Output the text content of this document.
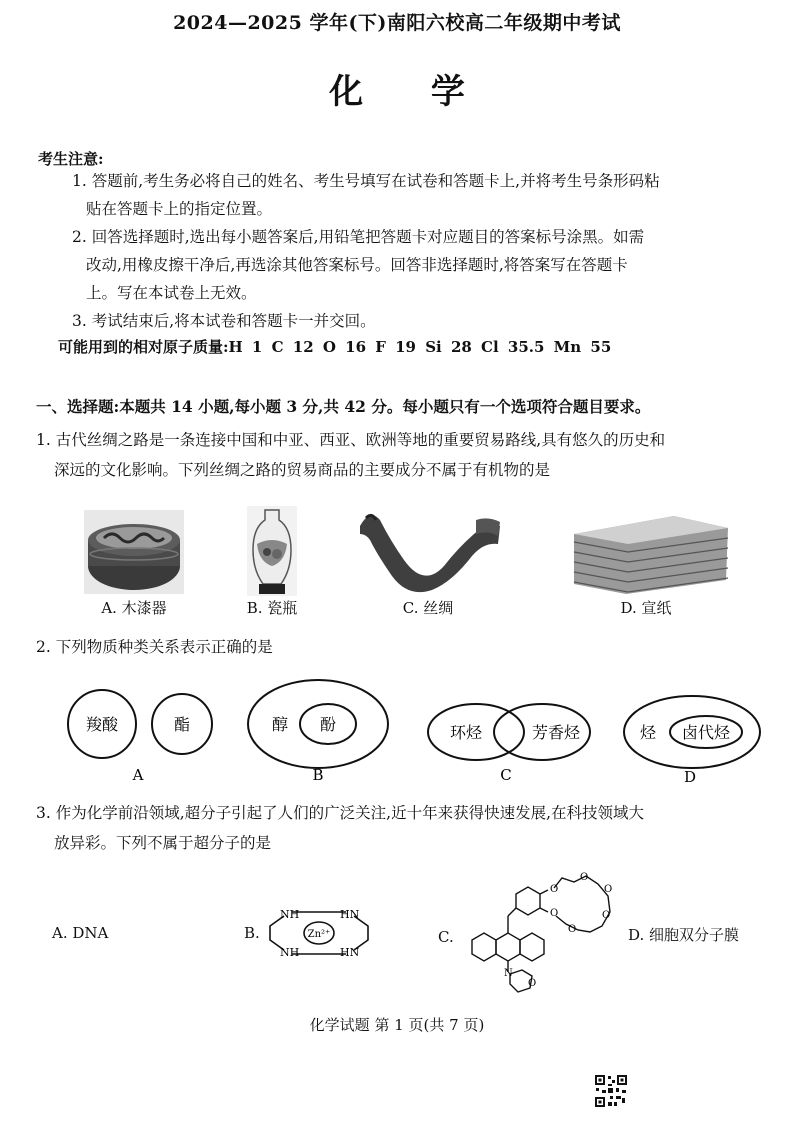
2024—2025 学年(下)南阳六校高二年级期中考试
化 学
考生注意:
1. 答题前,考生务必将自己的姓名、考生号填写在试卷和答题卡上,并将考生号条形码粘
贴在答题卡上的指定位置。
2. 回答选择题时,选出每小题答案后,用铅笔把答题卡对应题目的答案标号涂黑。如需
改动,用橡皮擦干净后,再选涂其他答案标号。回答非选择题时,将答案写在答题卡
上。写在本试卷上无效。
3. 考试结束后,将本试卷和答题卡一并交回。
可能用到的相对原子质量:H 1 C 12 O 16 F 19 Si 28 Cl 35.5 Mn 55
一、选择题:本题共 14 小题,每小题 3 分,共 42 分。每小题只有一个选项符合题目要求。
1. 古代丝绸之路是一条连接中国和中亚、西亚、欧洲等地的重要贸易路线,具有悠久的历史和
深远的文化影响。下列丝绸之路的贸易商品的主要成分不属于有机物的是
A. 木漆器	B. 瓷瓶	C. 丝绸	D. 宣纸
2. 下列物质种类关系表示正确的是
羧酸	酯
A
醇 酚
B
环烃	芳香烃
C
烃 卤代烃
D
3. 作为化学前沿领域,超分子引起了人们的广泛关注,近十年来获得快速发展,在科技领域大
放异彩。下列不属于超分子的是
A. DNA	B.	Zn²⁺
NH
NH
HN
HN
C.
O
O
O
O
O
O
N
O
D. 细胞双分子膜
化学试题 第 1 页(共 7 页)
